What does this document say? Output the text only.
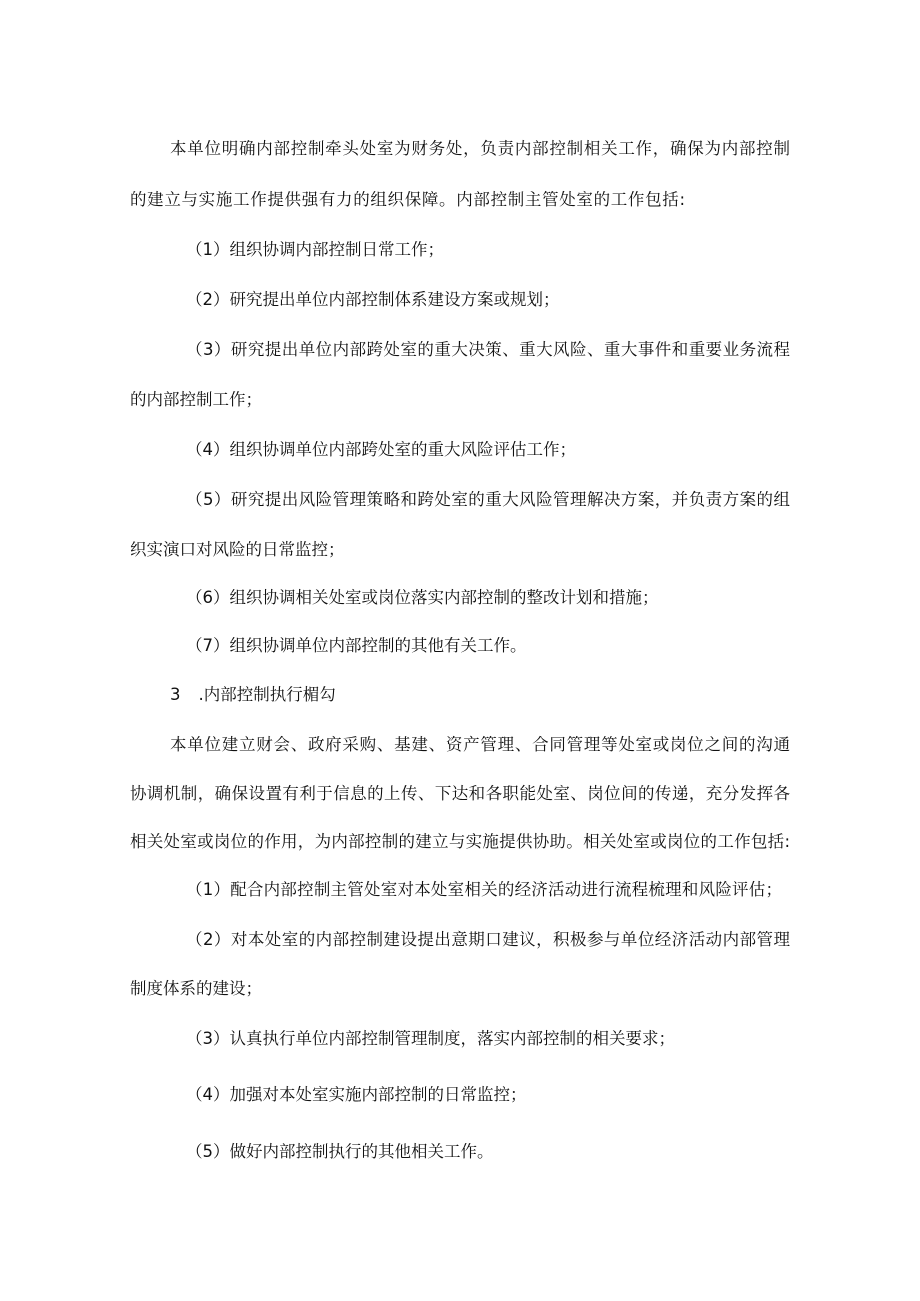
本单位明确内部控制牵头处室为财务处，负责内部控制相关工作，确保为内部控制

的建立与实施工作提供强有力的组织保障。内部控制主管处室的工作包括:

（1）组织协调内部控制日常工作；

（2）研究提出单位内部控制体系建设方案或规划；

（3）研究提出单位内部跨处室的重大决策、重大风险、重大事件和重要业务流程

的内部控制工作；

（4）组织协调单位内部跨处室的重大风险评估工作；

（5）研究提出风险管理策略和跨处室的重大风险管理解决方案，并负责方案的组

织实演口对风险的日常监控；

（6）组织协调相关处室或岗位落实内部控制的整改计划和措施；

（7）组织协调单位内部控制的其他有关工作。

3 .内部控制执行楣勾

本单位建立财会、政府采购、基建、资产管理、合同管理等处室或岗位之间的沟通

协调机制，确保设置有利于信息的上传、下达和各职能处室、岗位间的传递，充分发挥各

相关处室或岗位的作用，为内部控制的建立与实施提供协助。相关处室或岗位的工作包括:

（1）配合内部控制主管处室对本处室相关的经济活动进行流程梳理和风险评估；

（2）对本处室的内部控制建设提出意期口建议，积极参与单位经济活动内部管理

制度体系的建设；

（3）认真执行单位内部控制管理制度，落实内部控制的相关要求；

（4）加强对本处室实施内部控制的日常监控；

（5）做好内部控制执行的其他相关工作。
